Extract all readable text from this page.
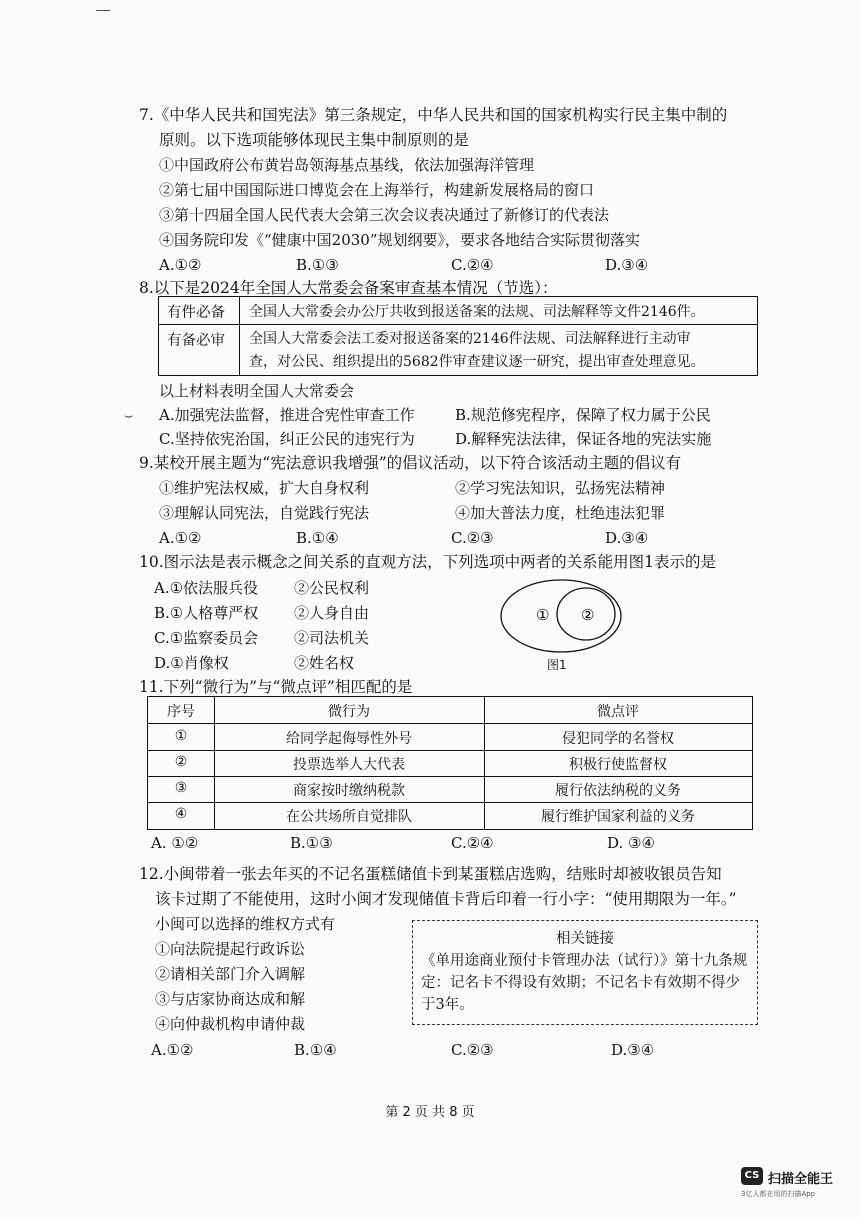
⌣
7.《中华人民共和国宪法》第三条规定，中华人民共和国的国家机构实行民主集中制的
原则。以下选项能够体现民主集中制原则的是
①中国政府公布黄岩岛领海基点基线，依法加强海洋管理
②第七届中国国际进口博览会在上海举行，构建新发展格局的窗口
③第十四届全国人民代表大会第三次会议表决通过了新修订的代表法
④国务院印发《“健康中国2030”规划纲要》，要求各地结合实际贯彻落实
A.①②	B.①③	C.②④	D.③④
8.以下是2024年全国人大常委会备案审查基本情况（节选）：
有件必备 全国人大常委会办公厅共收到报送备案的法规、司法解释等文件2146件。
有备必审 全国人大常委会法工委对报送备案的2146件法规、司法解释进行主动审
查，对公民、组织提出的5682件审查建议逐一研究，提出审查处理意见。
以上材料表明全国人大常委会
A.加强宪法监督，推进合宪性审查工作	B.规范修宪程序，保障了权力属于公民
C.坚持依宪治国，纠正公民的违宪行为	D.解释宪法法律，保证各地的宪法实施
9.某校开展主题为“宪法意识我增强”的倡议活动，以下符合该活动主题的倡议有
①维护宪法权威，扩大自身权利	②学习宪法知识，弘扬宪法精神
③理解认同宪法，自觉践行宪法	④加大普法力度，杜绝违法犯罪
A.①②	B.①④	C.②③	D.③④
10.图示法是表示概念之间关系的直观方法，下列选项中两者的关系能用图1表示的是
A.①依法服兵役 ②公民权利
B.①人格尊严权 ②人身自由
C.①监察委员会 ②司法机关
D.①肖像权	②姓名权
① ②
图1
11.下列“微行为”与“微点评”相匹配的是
序号	微行为	微点评
①	给同学起侮辱性外号	侵犯同学的名誉权
②	投票选举人大代表	积极行使监督权
③	商家按时缴纳税款	履行依法纳税的义务
④	在公共场所自觉排队	履行维护国家利益的义务
A. ①②	B.①③	C.②④	D. ③④
12.小闽带着一张去年买的不记名蛋糕储值卡到某蛋糕店选购，结账时却被收银员告知
该卡过期了不能使用，这时小闽才发现储值卡背后印着一行小字：“使用期限为一年。”
小闽可以选择的维权方式有
①向法院提起行政诉讼
②请相关部门介入调解
③与店家协商达成和解
④向仲裁机构申请仲裁
相关链接
《单用途商业预付卡管理办法（试行）》第十九条规定：记名卡不得设有效期；不记名卡有效期不得少于3年。
A.①②	B.①④	C.②③	D.③④
第 2 页 共 8 页
CS 扫描全能王
3亿人都在用的扫描App
